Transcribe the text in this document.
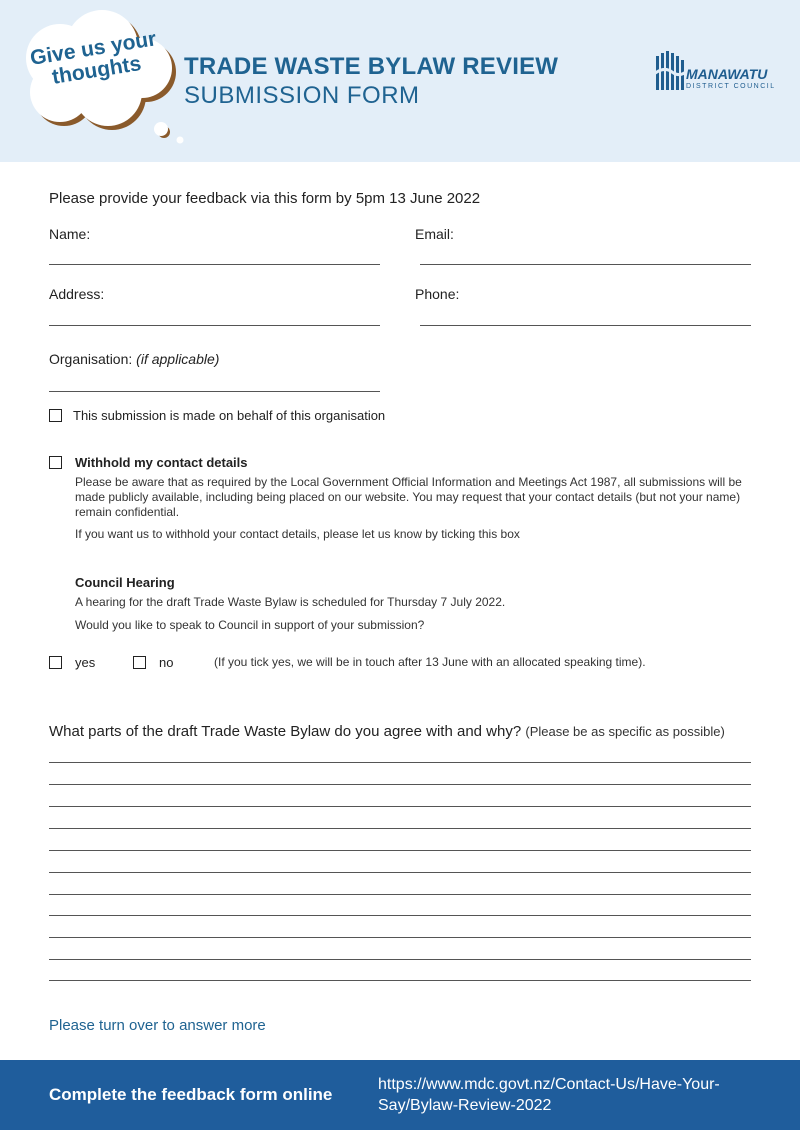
Give us your thoughts	TRADE WASTE BYLAW REVIEW
SUBMISSION FORM
MANAWATU
DISTRICT COUNCIL
Please provide your feedback via this form by 5pm 13 June 2022
Name:	Email:
Address:	Phone:
Organisation: (if applicable)
This submission is made on behalf of this organisation
Withhold my contact details
Please be aware that as required by the Local Government Official Information and Meetings Act 1987, all submissions will be made publicly available, including being placed on our website. You may request that your contact details (but not your name) remain confidential.
If you want us to withhold your contact details, please let us know by ticking this box
Council Hearing
A hearing for the draft Trade Waste Bylaw is scheduled for Thursday 7 July 2022.
Would you like to speak to Council in support of your submission?
yes	no	(If you tick yes, we will be in touch after 13 June with an allocated speaking time).
What parts of the draft Trade Waste Bylaw do you agree with and why? (Please be as specific as possible)
Please turn over to answer more
Complete the feedback form online
https://www.mdc.govt.nz/Contact-Us/Have-Your-Say/Bylaw-Review-2022
